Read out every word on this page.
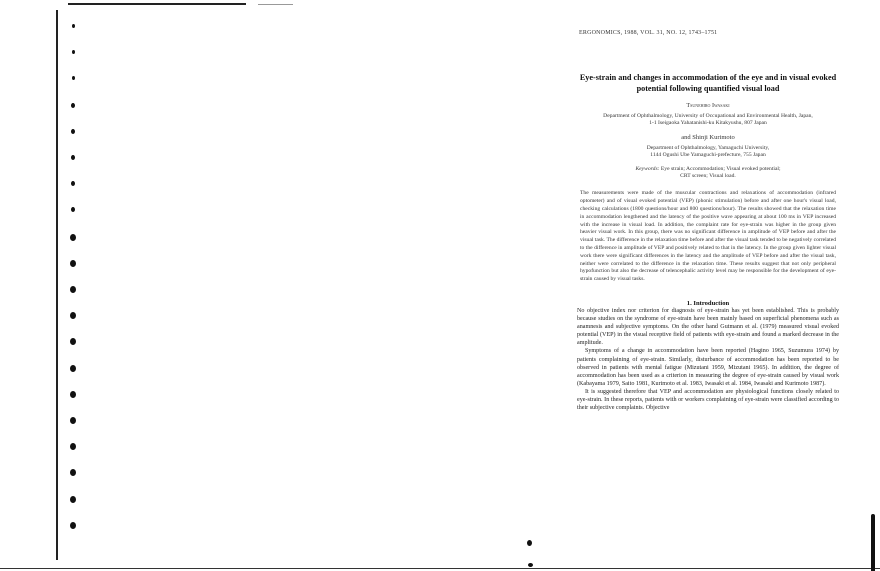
ERGONOMICS, 1988, VOL. 31, NO. 12, 1743–1751
Eye-strain and changes in accommodation of the eye and in visual evoked potential following quantified visual load
Tsunehiro Iwasaki
Department of Ophthalmology, University of Occupational and Environmental Health, Japan,
1-1 Iseigaoka Yahatanishi-ku Kitakyushu, 807 Japan
and Shinji Kurimoto
Department of Ophthalmology, Yamaguchi University,
1144 Ogushi Ube Yamaguchi-prefecture, 755 Japan
Keywords: Eye strain; Accommodation; Visual evoked potential;
CRT screen; Visual load.
The measurements were made of the muscular contractions and relaxations of accommodation (infrared optometer) and of visual evoked potential (VEP) (phonic stimulation) before and after one hour's visual load, checking calculations (1800 questions/hour and 800 questions/hour). The results showed that the relaxation time in accommodation lengthened and the latency of the positive wave appearing at about 100 ms in VEP increased with the increase in visual load. In addition, the complaint rate for eye-strain was higher in the group given heavier visual work. In this group, there was no significant difference in amplitude of VEP before and after the visual task. The difference in the relaxation time before and after the visual task tended to be negatively correlated to the difference in amplitude of VEP and positively related to that in the latency. In the group given lighter visual work there were significant differences in the latency and the amplitude of VEP before and after the visual task, neither were correlated to the difference in the relaxation time. These results suggest that not only peripheral hypofunction but also the decrease of telencephalic activity level may be responsible for the development of eye-strain caused by visual tasks.
1. Introduction

No objective index nor criterion for diagnosis of eye-strain has yet been established. This is probably because studies on the syndrome of eye-strain have been mainly based on superficial phenomena such as anamnesis and subjective symptoms. On the other hand Gutmann et al. (1979) measured visual evoked potential (VEP) in the visual receptive field of patients with eye-strain and found a marked decrease in the amplitude.

Symptoms of a change in accommodation have been reported (Hagino 1965, Suzumura 1974) by patients complaining of eye-strain. Similarly, disturbance of accommodation has been reported to be observed in patients with mental fatigue (Mizutani 1959, Mizutani 1965). In addition, the degree of accommodation has been used as a criterion in measuring the degree of eye-strain caused by visual work (Kabayama 1979, Saito 1981, Kurimoto et al. 1983, Iwasaki et al. 1984, Iwasaki and Kurimoto 1987).

It is suggested therefore that VEP and accommodation are physiological functions closely related to eye-strain. In these reports, patients with or workers complaining of eye-strain were classified according to their subjective complaints. Objective
